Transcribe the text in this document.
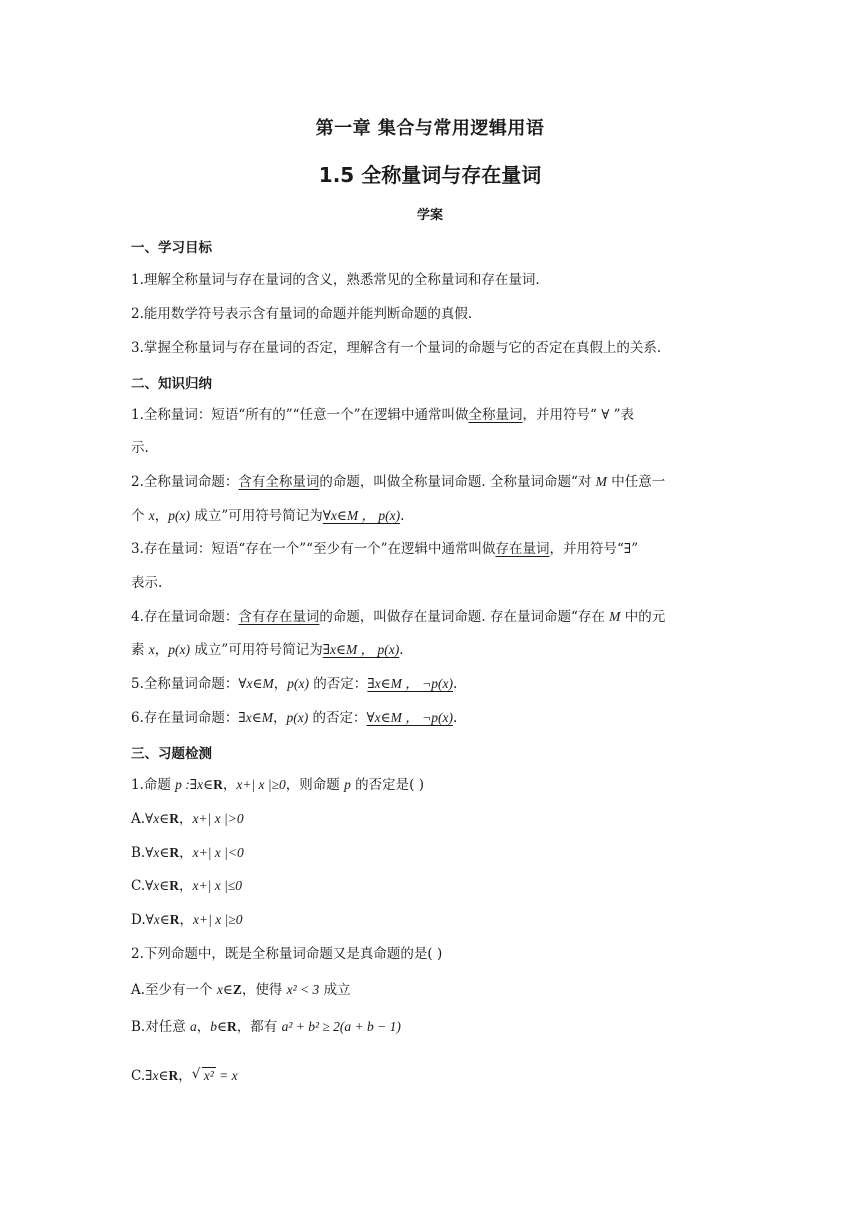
第一章 集合与常用逻辑用语
1.5 全称量词与存在量词
学案
一、学习目标
1.理解全称量词与存在量词的含义，熟悉常见的全称量词和存在量词.
2.能用数学符号表示含有量词的命题并能判断命题的真假.
3.掌握全称量词与存在量词的否定，理解含有一个量词的命题与它的否定在真假上的关系.
二、知识归纳
1.全称量词：短语“所有的”“任意一个”在逻辑中通常叫做全称量词，并用符号“ ∀ ”表
示.
2.全称量词命题：含有全称量词的命题，叫做全称量词命题. 全称量词命题“对 M 中任意一
个 x，p(x) 成立”可用符号简记为∀x∈M ， p(x).
3.存在量词：短语“存在一个”“至少有一个”在逻辑中通常叫做存在量词，并用符号“∃”
表示.
4.存在量词命题：含有存在量词的命题，叫做存在量词命题. 存在量词命题“存在 M 中的元
素 x，p(x) 成立”可用符号简记为∃x∈M ， p(x).
5.全称量词命题：∀x∈M，p(x) 的否定：∃x∈M ， ¬p(x).
6.存在量词命题：∃x∈M，p(x) 的否定：∀x∈M ， ¬p(x).
三、习题检测
1.命题 p :∃x∈R，x+| x |≥0，则命题 p 的否定是( )
A.∀x∈R，x+| x |>0
B.∀x∈R，x+| x |<0
C.∀x∈R，x+| x |≤0
D.∀x∈R，x+| x |≥0
2.下列命题中，既是全称量词命题又是真命题的是( )
A.至少有一个 x∈Z，使得 x² < 3 成立
B.对任意 a，b∈R，都有 a² + b² ≥ 2(a + b − 1)
C.∃x∈R， √ x² = x
